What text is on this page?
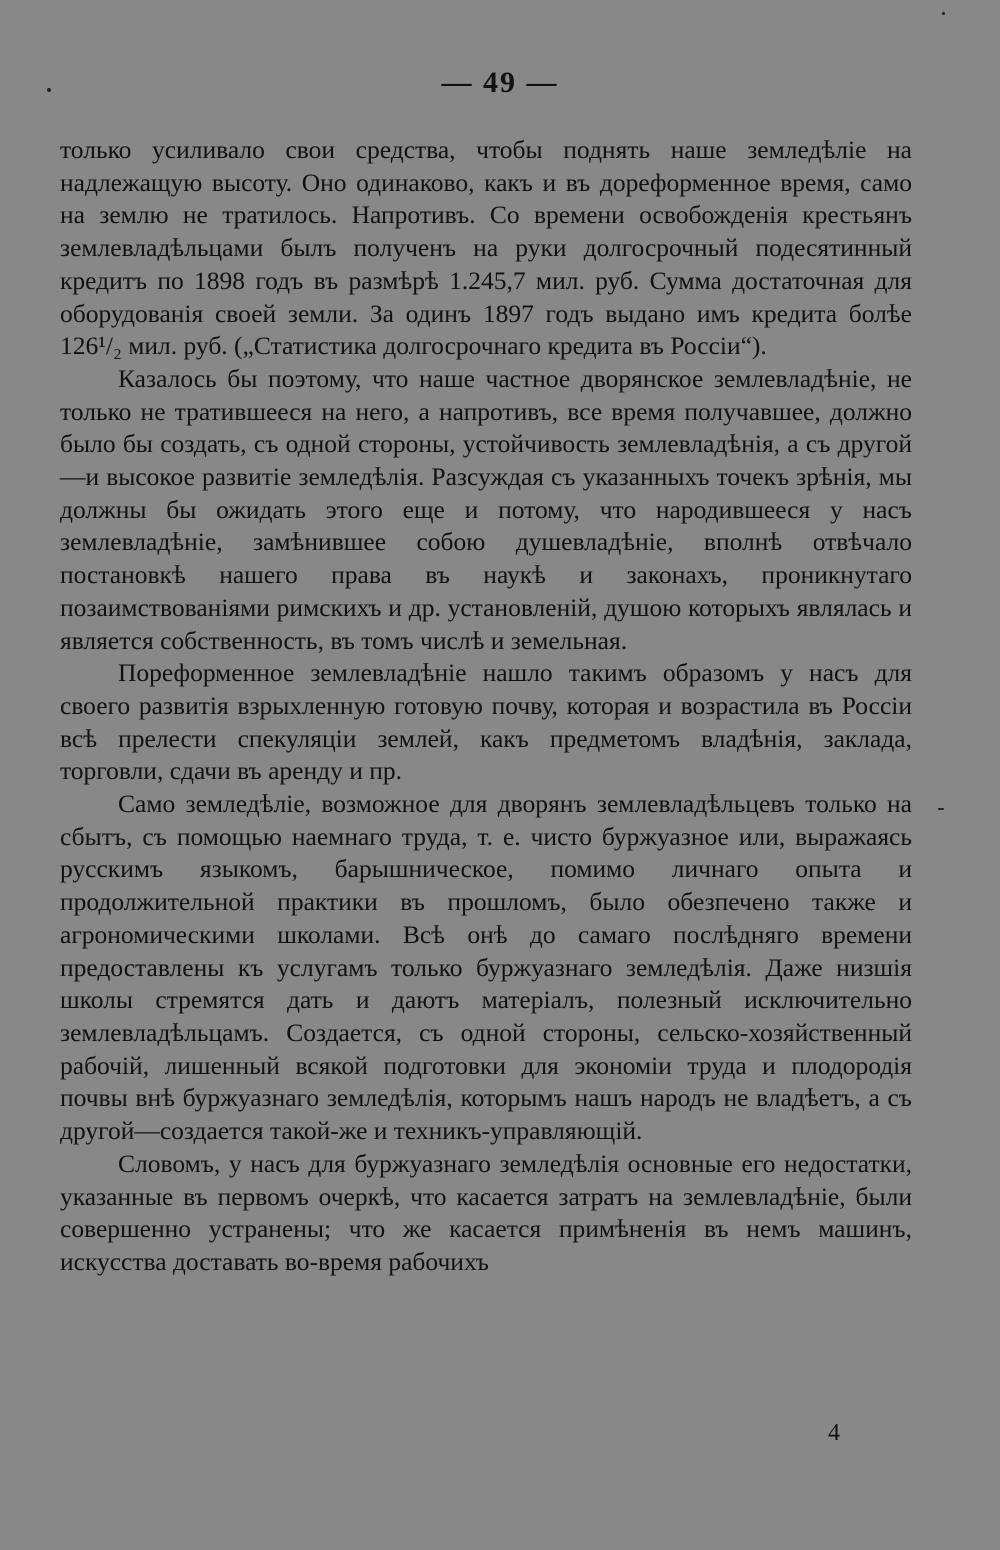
— 49 —

только усиливало свои средства, чтобы поднять наше земледѣліе на надлежащую высоту. Оно одинаково, какъ и въ дореформенное время, само на землю не тратилось. Напротивъ. Со времени освобожденія крестьянъ землевладѣльцами былъ полученъ на руки долгосрочный подесятинный кредитъ по 1898 годъ въ размѣрѣ 1.245,7 мил. руб. Сумма достаточная для оборудованія своей земли. За одинъ 1897 годъ выдано имъ кредита болѣе 126¹/₂ мил. руб. („Статистика долгосрочнаго кредита въ Россіи“).

Казалось бы поэтому, что наше частное дворянское землевладѣніе, не только не тратившееся на него, а напротивъ, все время получавшее, должно было бы создать, съ одной стороны, устойчивость землевладѣнія, а съ другой—и высокое развитіе земледѣлія. Разсуждая съ указанныхъ точекъ зрѣнія, мы должны бы ожидать этого еще и потому, что народившееся у насъ землевладѣніе, замѣнившее собою душевладѣніе, вполнѣ отвѣчало постановкѣ нашего права въ наукѣ и законахъ, проникнутаго позаимствованіями римскихъ и др. установленій, душою которыхъ являлась и является собственность, въ томъ числѣ и земельная.

Пореформенное землевладѣніе нашло такимъ образомъ у насъ для своего развитія взрыхленную готовую почву, которая и возрастила въ Россіи всѣ прелести спекуляціи землей, какъ предметомъ владѣнія, заклада, торговли, сдачи въ аренду и пр.

Само земледѣліе, возможное для дворянъ землевладѣльцевъ только на сбытъ, съ помощью наемнаго труда, т. е. чисто буржуазное или, выражаясь русскимъ языкомъ, барышническое, помимо личнаго опыта и продолжительной практики въ прошломъ, было обезпечено также и агрономическими школами. Всѣ онѣ до самаго послѣдняго времени предоставлены къ услугамъ только буржуазнаго земледѣлія. Даже низшія школы стремятся дать и даютъ матеріалъ, полезный исключительно землевладѣльцамъ. Создается, съ одной стороны, сельско-хозяйственный рабочій, лишенный всякой подготовки для экономіи труда и плодородія почвы внѣ буржуазнаго земледѣлія, которымъ нашъ народъ не владѣетъ, а съ другой—создается такой-же и техникъ-управляющій.

Словомъ, у насъ для буржуазнаго земледѣлія основные его недостатки, указанные въ первомъ очеркѣ, что касается затратъ на землевладѣніе, были совершенно устранены; что же касается примѣненія въ немъ машинъ, искусства доставать во-время рабочихъ

4
